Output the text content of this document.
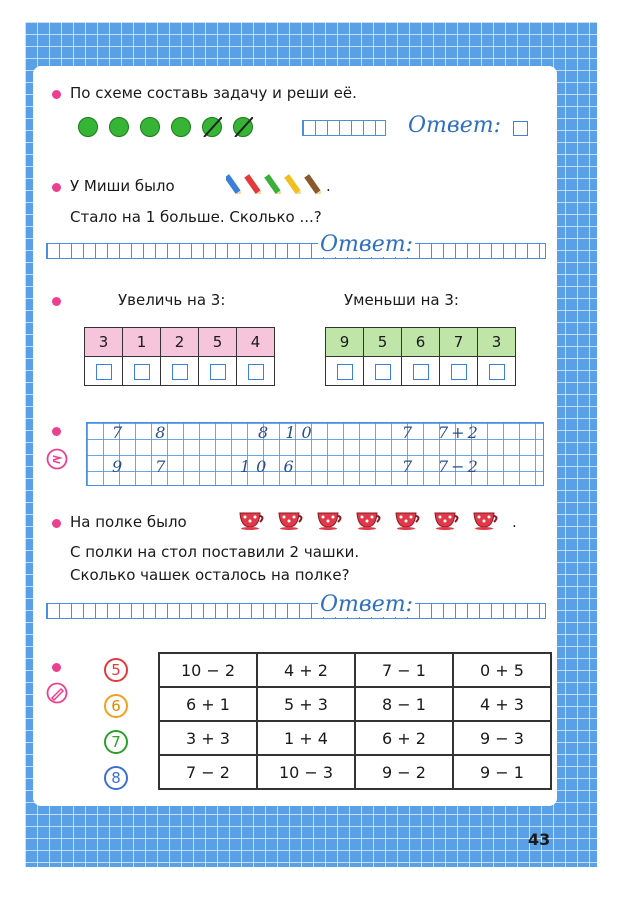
По схеме составь задачу и реши её.
Ответ:
У Миши было	.
Стало на 1 больше. Сколько ...?
Ответ:
Увеличь на 3:	Уменьши на 3:
3	1	2	5	4
					9	5	6	7	3

7 8	8 10	7 7+2
9 7	10 6	7 7−2
На полке было	.
С полки на стол поставили 2 чашки.
Сколько чашек осталось на полке?
Ответ:
5
6
7
8
10 − 2	4 + 2	7 − 1	0 + 5
6 + 1	5 + 3	8 − 1	4 + 3
3 + 3	1 + 4	6 + 2	9 − 3
7 − 2	10 − 3	9 − 2	9 − 1
43
